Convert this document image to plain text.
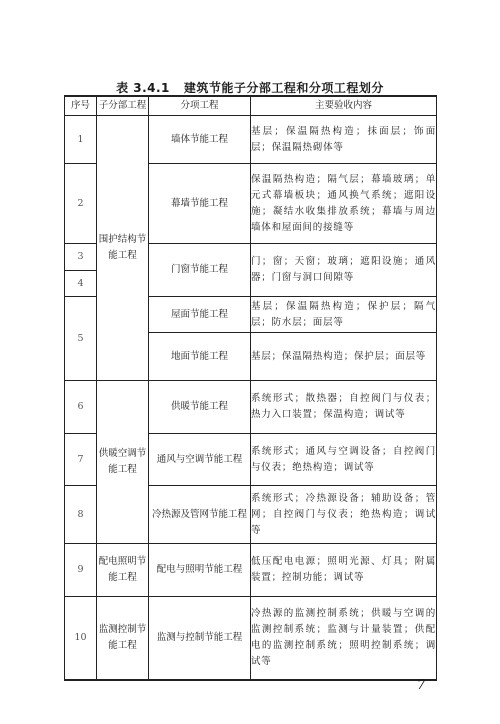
表 3.4.1 建筑节能子分部工程和分项工程划分
序号	子分部工程	分项工程	主要验收内容
1	围护结构节能工程	墙体节能工程	基层；保温隔热构造；抹面层；饰面层；保温隔热砌体等
2		幕墙节能工程	保温隔热构造；隔气层；幕墙玻璃；单元式幕墙板块；通风换气系统；遮阳设施；凝结水收集排放系统；幕墙与周边墙体和屋面间的接缝等
3		门窗节能工程	门；窗；天窗；玻璃；遮阳设施；通风器；门窗与洞口间隙等
4			
5		屋面节能工程	基层；保温隔热构造；保护层；隔气层；防水层；面层等
		地面节能工程	基层；保温隔热构造；保护层；面层等
6	供暖空调节能工程	供暖节能工程	系统形式；散热器；自控阀门与仪表；热力入口装置；保温构造；调试等
7		通风与空调节能工程	系统形式；通风与空调设备；自控阀门与仪表；绝热构造；调试等
8		冷热源及管网节能工程	系统形式；冷热源设备；辅助设备；管网；自控阀门与仪表；绝热构造；调试等
9	配电照明节能工程	配电与照明节能工程	低压配电电源；照明光源、灯具；附属装置；控制功能；调试等
10	监测控制节能工程	监测与控制节能工程	冷热源的监测控制系统；供暖与空调的监测控制系统；监测与计量装置；供配电的监测控制系统；照明控制系统；调试等
7
